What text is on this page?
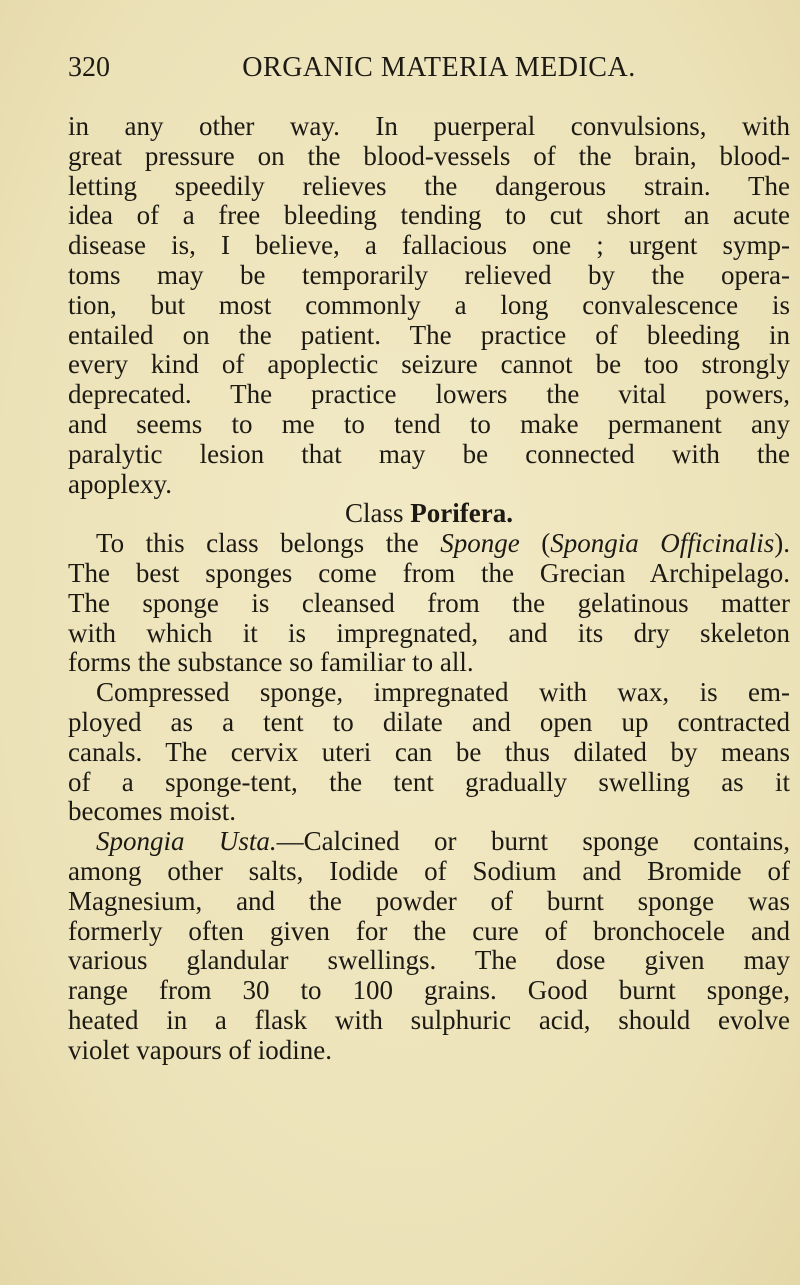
320	ORGANIC MATERIA MEDICA.
in any other way. In puerperal convulsions, with
great pressure on the blood-vessels of the brain, blood-
letting speedily relieves the dangerous strain. The
idea of a free bleeding tending to cut short an acute
disease is, I believe, a fallacious one ; urgent symp-
toms may be temporarily relieved by the opera-
tion, but most commonly a long convalescence is
entailed on the patient. The practice of bleeding in
every kind of apoplectic seizure cannot be too strongly
deprecated. The practice lowers the vital powers,
and seems to me to tend to make permanent any
paralytic lesion that may be connected with the
apoplexy.
Class Porifera.
To this class belongs the Sponge (Spongia Officinalis).
The best sponges come from the Grecian Archipelago.
The sponge is cleansed from the gelatinous matter
with which it is impregnated, and its dry skeleton
forms the substance so familiar to all.
Compressed sponge, impregnated with wax, is em-
ployed as a tent to dilate and open up contracted
canals. The cervix uteri can be thus dilated by means
of a sponge-tent, the tent gradually swelling as it
becomes moist.
Spongia Usta.—Calcined or burnt sponge contains,
among other salts, Iodide of Sodium and Bromide of
Magnesium, and the powder of burnt sponge was
formerly often given for the cure of bronchocele and
various glandular swellings. The dose given may
range from 30 to 100 grains. Good burnt sponge,
heated in a flask with sulphuric acid, should evolve
violet vapours of iodine.
